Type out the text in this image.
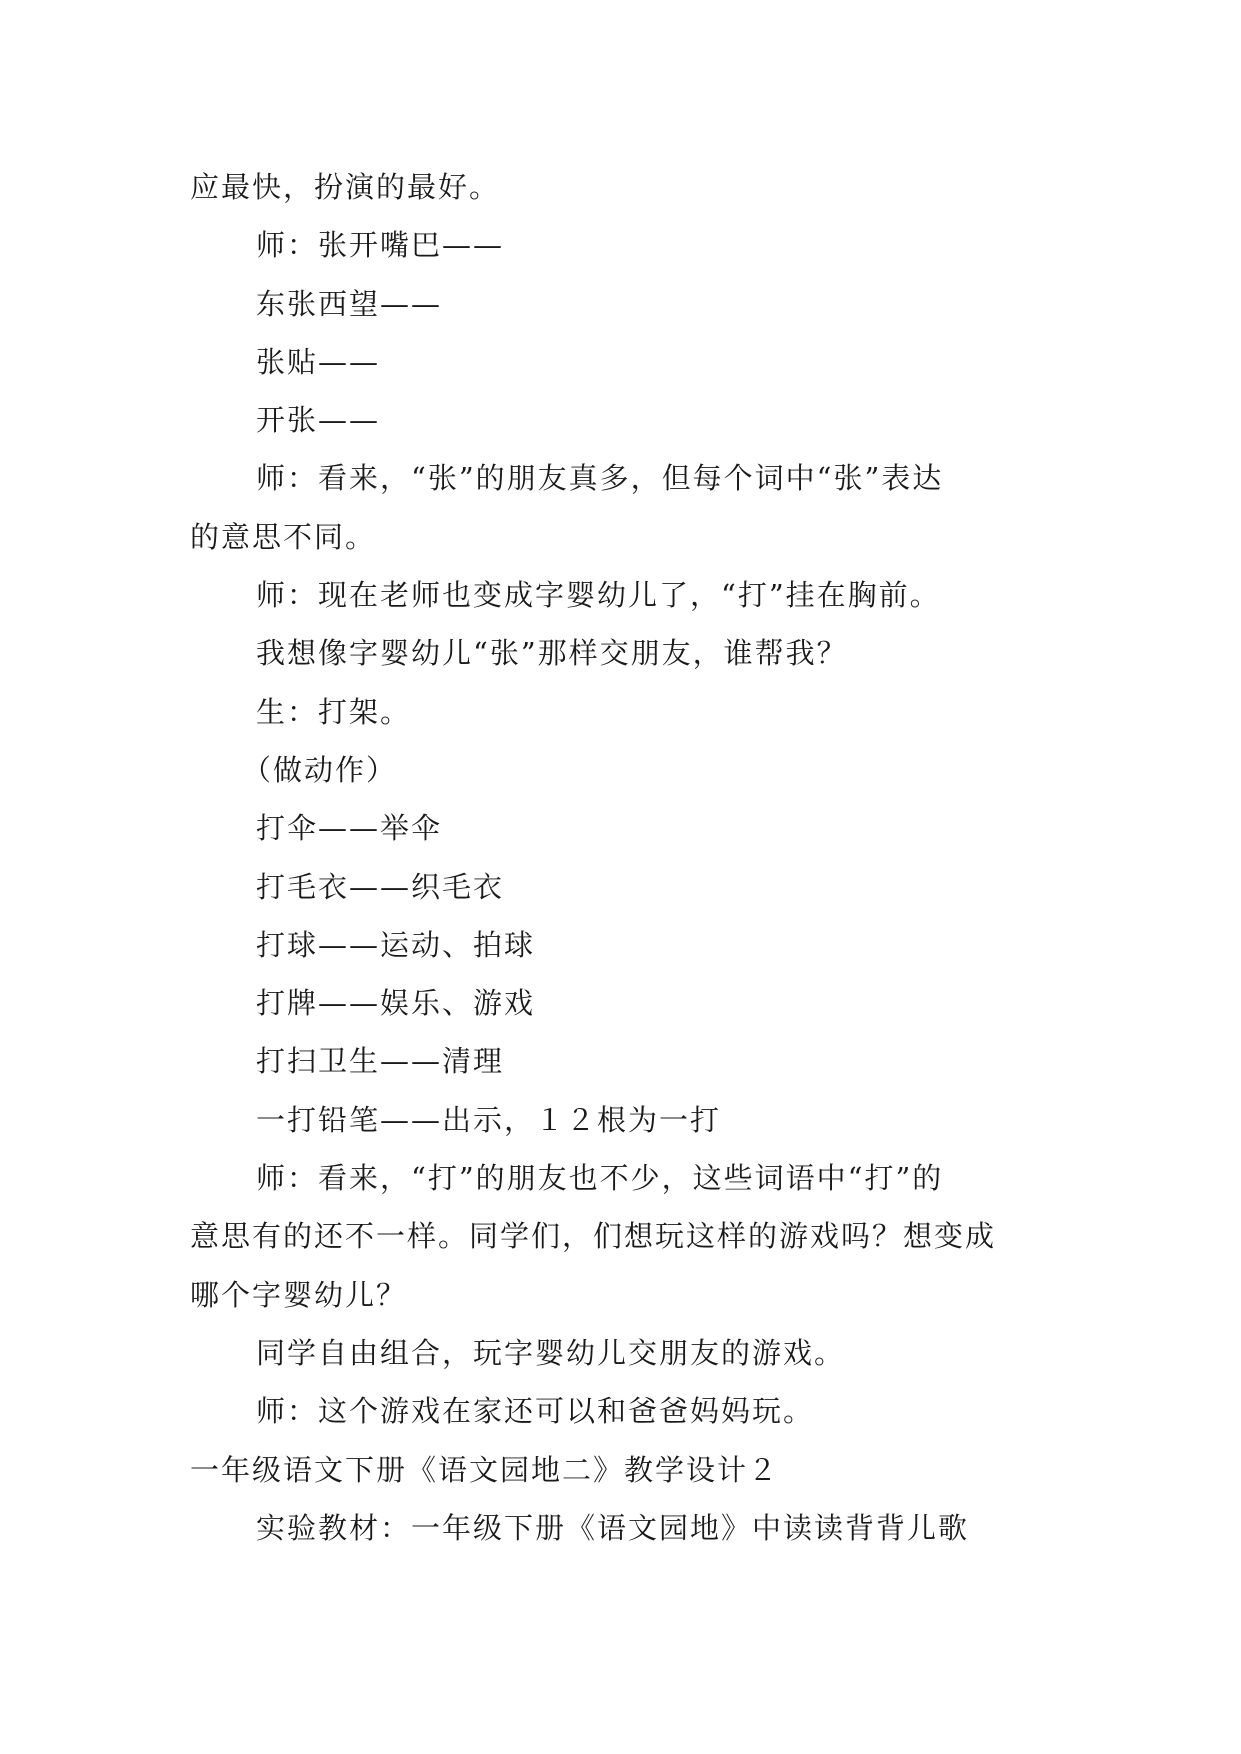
应最快，扮演的最好。

师：张开嘴巴——

东张西望——

张贴——

开张——

师：看来，“张”的朋友真多，但每个词中“张”表达

的意思不同。

师：现在老师也变成字婴幼儿了，“打”挂在胸前。

我想像字婴幼儿“张”那样交朋友，谁帮我？

生：打架。

（做动作）

打伞——举伞

打毛衣——织毛衣

打球——运动、拍球

打牌——娱乐、游戏

打扫卫生——清理

一打铅笔——出示，１２根为一打

师：看来，“打”的朋友也不少，这些词语中“打”的

意思有的还不一样。同学们，们想玩这样的游戏吗？想变成

哪个字婴幼儿？

同学自由组合，玩字婴幼儿交朋友的游戏。

师：这个游戏在家还可以和爸爸妈妈玩。

一年级语文下册《语文园地二》教学设计２

实验教材：一年级下册《语文园地》中读读背背儿歌
